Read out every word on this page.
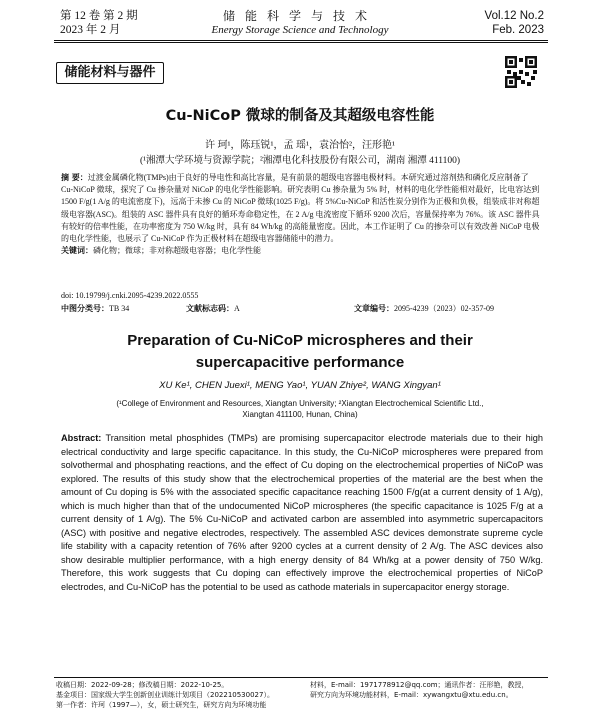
第 12 卷 第 2 期
2023 年 2 月
储能科学与技术
Energy Storage Science and Technology
Vol.12 No.2
Feb. 2023
储能材料与器件
Cu-NiCoP 微球的制备及其超级电容性能
许 珂¹，陈珏锐¹，孟 瑶¹，袁治怡²，汪形艳¹
(¹湘潭大学环境与资源学院；²湘潭电化科技股份有限公司，湖南 湘潭 411100)
摘 要：过渡金属磷化物(TMPs)由于良好的导电性和高比容量，是有前景的超级电容器电极材料。本研究通过溶剂热和磷化反应制备了 Cu-NiCoP 微球，探究了 Cu 掺杂量对 NiCoP 的电化学性能影响。研究表明 Cu 掺杂量为 5% 时，材料的电化学性能相对最好，比电容达到 1500 F/g(1 A/g 的电流密度下)，远高于未掺 Cu 的 NiCoP 微球(1025 F/g)。将 5%Cu-NiCoP 和活性炭分别作为正极和负极，组装成非对称超级电容器(ASC)。组装的 ASC 器件具有良好的循环寿命稳定性，在 2 A/g 电流密度下循环 9200 次后，容量保持率为 76%。该 ASC 器件具有较好的倍率性能，在功率密度为 750 W/kg 时，具有 84 Wh/kg 的高能量密度。因此，本工作证明了 Cu 的掺杂可以有效改善 NiCoP 电极的电化学性能，也展示了 Cu-NiCoP 作为正极材料在超级电容器储能中的潜力。
关键词：磷化物；微球；非对称超级电容器；电化学性能
doi: 10.19799/j.cnki.2095-4239.2022.0555
中图分类号：TB 34	文献标志码：A	文章编号：2095-4239（2023）02-357-09
Preparation of Cu-NiCoP microspheres and their
supercapacitive performance
XU Ke¹, CHEN Juexi¹, MENG Yao¹, YUAN Zhiye², WANG Xingyan¹
(¹College of Environment and Resources, Xiangtan University; ²Xiangtan Electrochemical Scientific Ltd.,
Xiangtan 411100, Hunan, China)
Abstract: Transition metal phosphides (TMPs) are promising supercapacitor electrode materials due to their high electrical conductivity and large specific capacitance. In this study, the Cu-NiCoP microspheres were prepared from solvothermal and phosphating reactions, and the effect of Cu doping on the electrochemical properties of NiCoP was explored. The results of this study show that the electrochemical properties of the material are the best when the amount of Cu doping is 5% with the associated specific capacitance reaching 1500 F/g(at a current density of 1 A/g), which is much higher than that of the undocumented NiCoP microspheres (the specific capacitance is 1025 F/g at a current density of 1 A/g). The 5% Cu-NiCoP and activated carbon are assembled into asymmetric supercapacitors (ASC) with positive and negative electrodes, respectively. The assembled ASC devices demonstrate supreme cycle life stability with a capacity retention of 76% after 9200 cycles at a current density of 2 A/g. The ASC devices also show desirable multiplier performance, with a high energy density of 84 Wh/kg at a power density of 750 W/kg. Therefore, this work suggests that Cu doping can effectively improve the electrochemical properties of NiCoP electrodes, and Cu-NiCoP has the potential to be used as cathode materials in supercapacitor energy storage.
收稿日期：2022-09-28；修改稿日期：2022-10-25。
基金项目：国家级大学生创新创业训练计划项目（202210530027）。
第一作者：许珂（1997—），女，硕士研究生，研究方向为环境功能
材料，E-mail：1971778912@qq.com；通讯作者：汪形艳，教授，
研究方向为环境功能材料，E-mail：xywangxtu@xtu.edu.cn。
